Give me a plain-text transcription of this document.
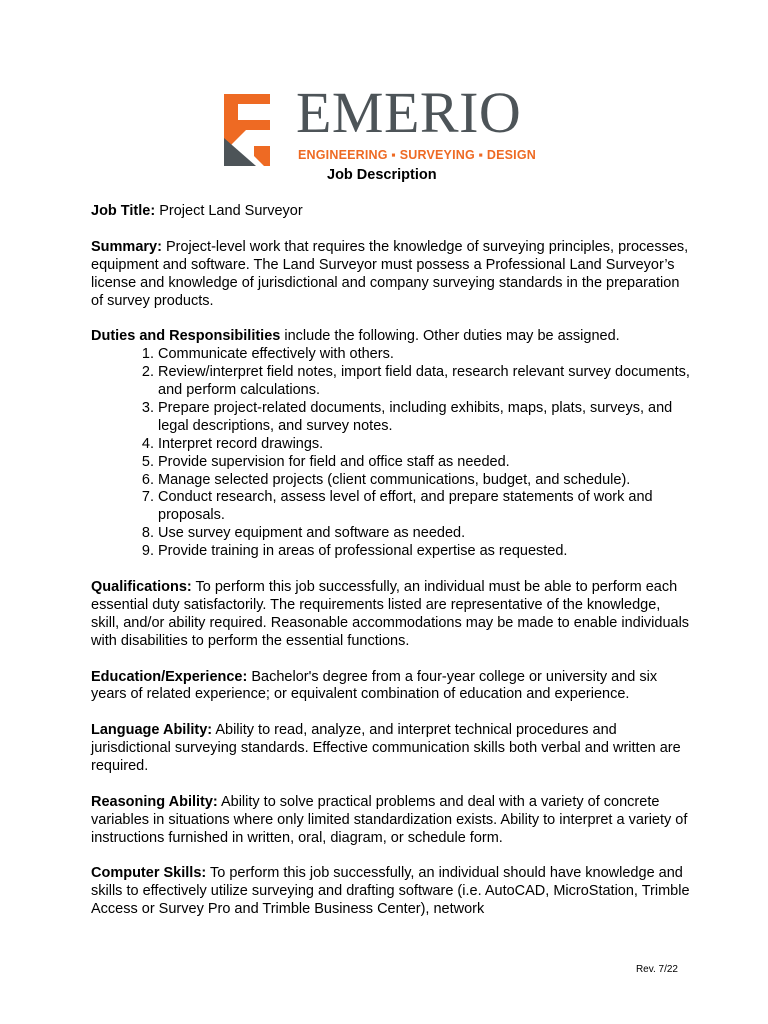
EMERIO
ENGINEERING ▪ SURVEYING ▪ DESIGN
Job Description

Job Title: Project Land Surveyor

Summary: Project-level work that requires the knowledge of surveying principles, processes, equipment and software. The Land Surveyor must possess a Professional Land Surveyor’s license and knowledge of jurisdictional and company surveying standards in the preparation of survey products.

Duties and Responsibilities include the following. Other duties may be assigned.

1. Communicate effectively with others.
2. Review/interpret field notes, import field data, research relevant survey documents, and perform calculations.
3. Prepare project-related documents, including exhibits, maps, plats, surveys, and legal descriptions, and survey notes.
4. Interpret record drawings.
5. Provide supervision for field and office staff as needed.
6. Manage selected projects (client communications, budget, and schedule).
7. Conduct research, assess level of effort, and prepare statements of work and proposals.
8. Use survey equipment and software as needed.
9. Provide training in areas of professional expertise as requested.

Qualifications: To perform this job successfully, an individual must be able to perform each essential duty satisfactorily. The requirements listed are representative of the knowledge, skill, and/or ability required. Reasonable accommodations may be made to enable individuals with disabilities to perform the essential functions.

Education/Experience: Bachelor's degree from a four-year college or university and six years of related experience; or equivalent combination of education and experience.

Language Ability: Ability to read, analyze, and interpret technical procedures and jurisdictional surveying standards. Effective communication skills both verbal and written are required.

Reasoning Ability: Ability to solve practical problems and deal with a variety of concrete variables in situations where only limited standardization exists. Ability to interpret a variety of instructions furnished in written, oral, diagram, or schedule form.

Computer Skills: To perform this job successfully, an individual should have knowledge and skills to effectively utilize surveying and drafting software (i.e. AutoCAD, MicroStation, Trimble Access or Survey Pro and Trimble Business Center), network

Rev. 7/22
